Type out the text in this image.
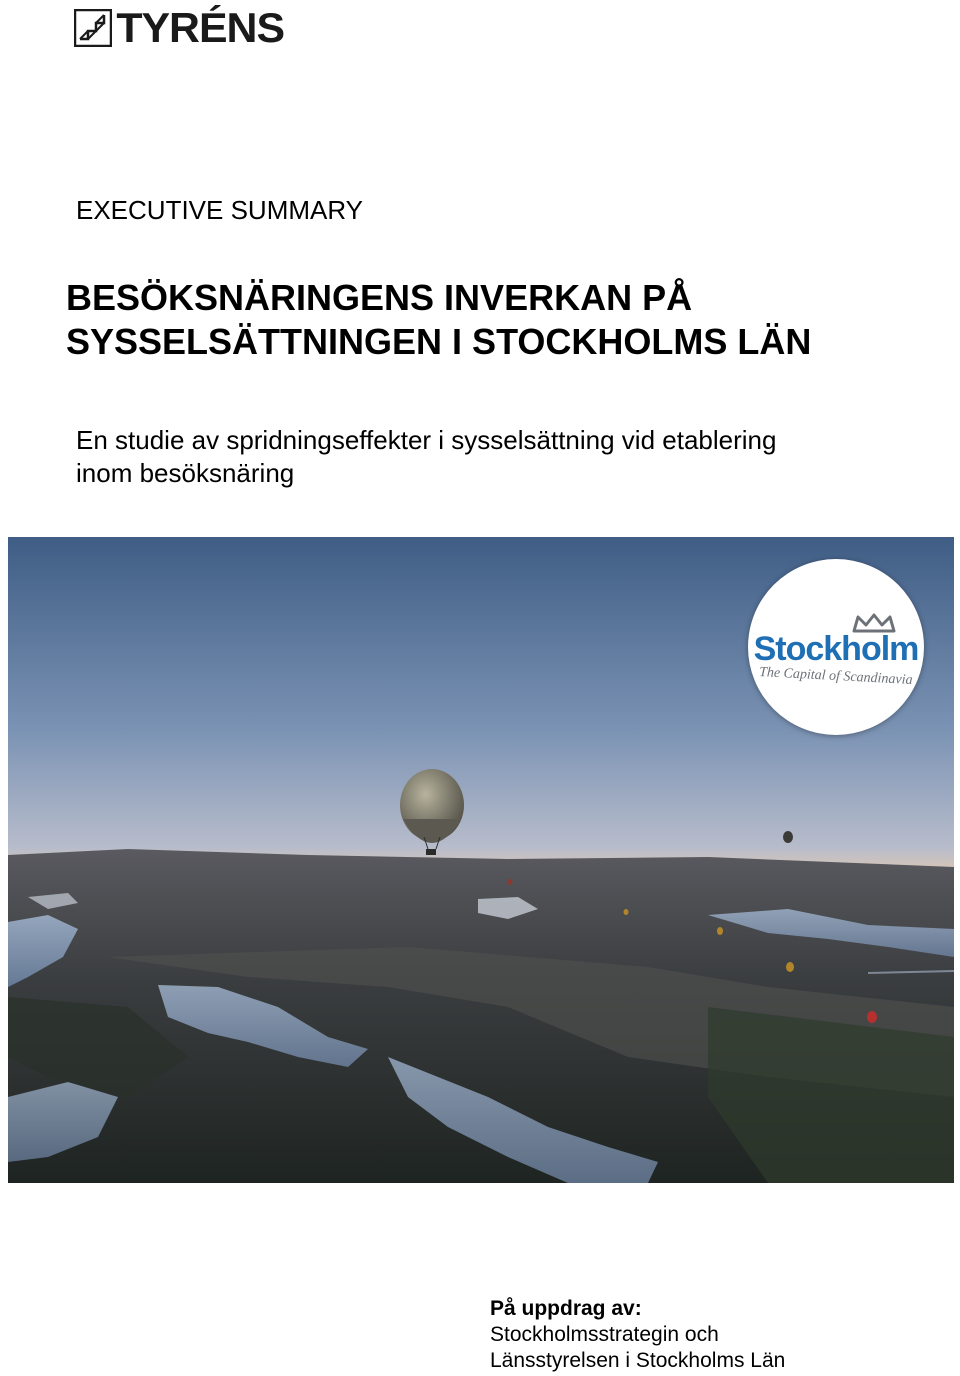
TYRÉNS
EXECUTIVE SUMMARY
BESÖKSNÄRINGENS INVERKAN PÅ
SYSSELSÄTTNINGEN I STOCKHOLMS LÄN
En studie av spridningseffekter i sysselsättning vid etablering
inom besöksnäring
Stockholm
The Capital of Scandinavia
På uppdrag av:
Stockholmsstrategin och
Länsstyrelsen i Stockholms Län
